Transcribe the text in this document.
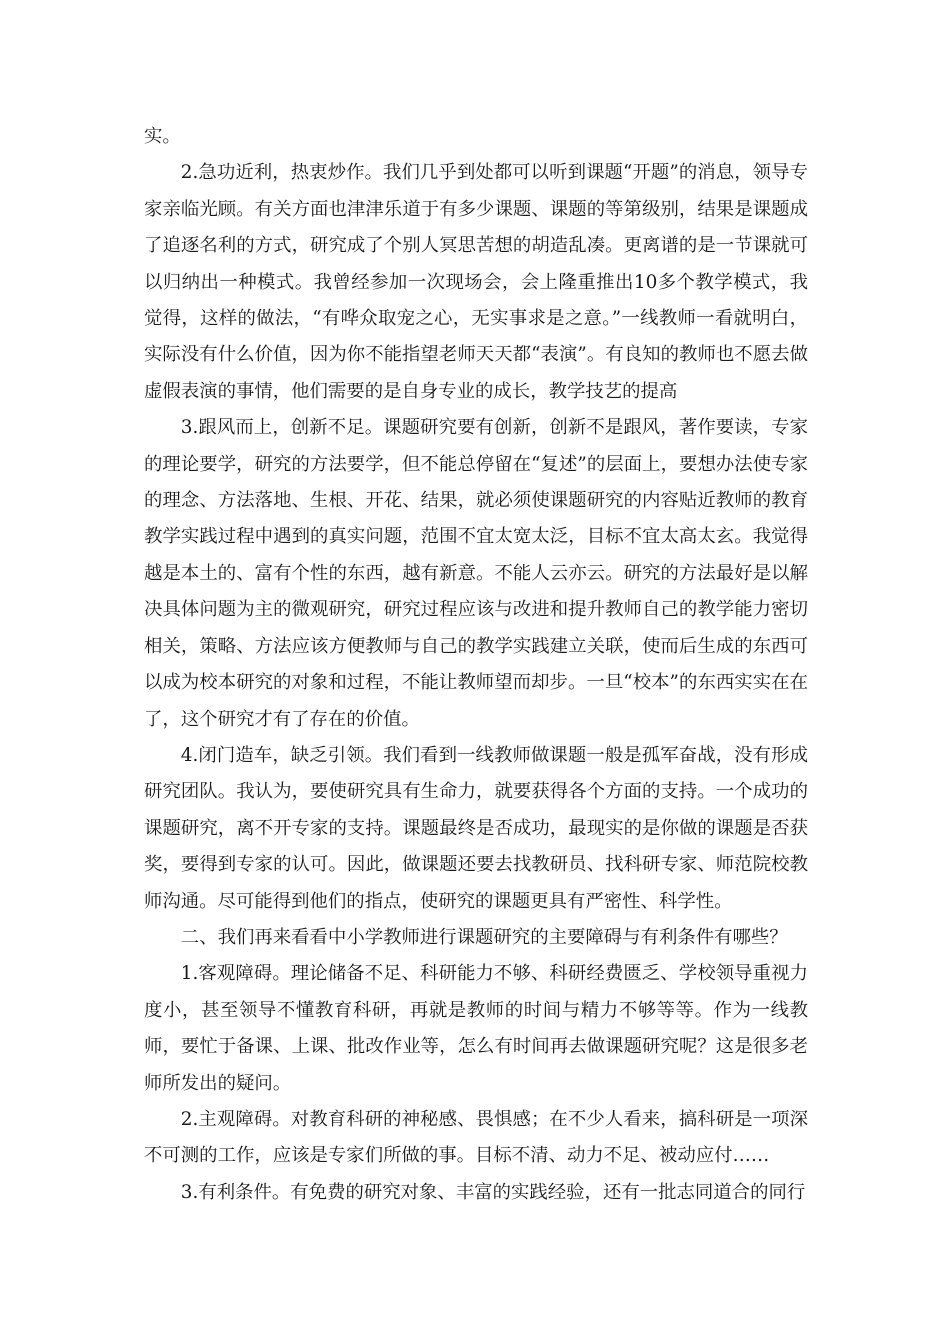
实。

2.急功近利，热衷炒作。我们几乎到处都可以听到课题“开题”的消息，领导专家亲临光顾。有关方面也津津乐道于有多少课题、课题的等第级别，结果是课题成了追逐名利的方式，研究成了个别人冥思苦想的胡造乱凑。更离谱的是一节课就可以归纳出一种模式。我曾经参加一次现场会，会上隆重推出10多个教学模式，我觉得，这样的做法，“有哗众取宠之心，无实事求是之意。”一线教师一看就明白，实际没有什么价值，因为你不能指望老师天天都“表演”。有良知的教师也不愿去做虚假表演的事情，他们需要的是自身专业的成长，教学技艺的提高

3.跟风而上，创新不足。课题研究要有创新，创新不是跟风，著作要读，专家的理论要学，研究的方法要学，但不能总停留在“复述”的层面上，要想办法使专家的理念、方法落地、生根、开花、结果，就必须使课题研究的内容贴近教师的教育教学实践过程中遇到的真实问题，范围不宜太宽太泛，目标不宜太高太玄。我觉得越是本土的、富有个性的东西，越有新意。不能人云亦云。研究的方法最好是以解决具体问题为主的微观研究，研究过程应该与改进和提升教师自己的教学能力密切相关，策略、方法应该方便教师与自己的教学实践建立关联，使而后生成的东西可以成为校本研究的对象和过程，不能让教师望而却步。一旦“校本”的东西实实在在了，这个研究才有了存在的价值。

4.闭门造车，缺乏引领。我们看到一线教师做课题一般是孤军奋战，没有形成研究团队。我认为，要使研究具有生命力，就要获得各个方面的支持。一个成功的课题研究，离不开专家的支持。课题最终是否成功，最现实的是你做的课题是否获奖，要得到专家的认可。因此，做课题还要去找教研员、找科研专家、师范院校教师沟通。尽可能得到他们的指点，使研究的课题更具有严密性、科学性。

二、我们再来看看中小学教师进行课题研究的主要障碍与有利条件有哪些？

1.客观障碍。理论储备不足、科研能力不够、科研经费匮乏、学校领导重视力度小，甚至领导不懂教育科研，再就是教师的时间与精力不够等等。作为一线教师，要忙于备课、上课、批改作业等，怎么有时间再去做课题研究呢？这是很多老师所发出的疑问。

2.主观障碍。对教育科研的神秘感、畏惧感；在不少人看来，搞科研是一项深不可测的工作，应该是专家们所做的事。目标不清、动力不足、被动应付……

3.有利条件。有免费的研究对象、丰富的实践经验，还有一批志同道合的同行
